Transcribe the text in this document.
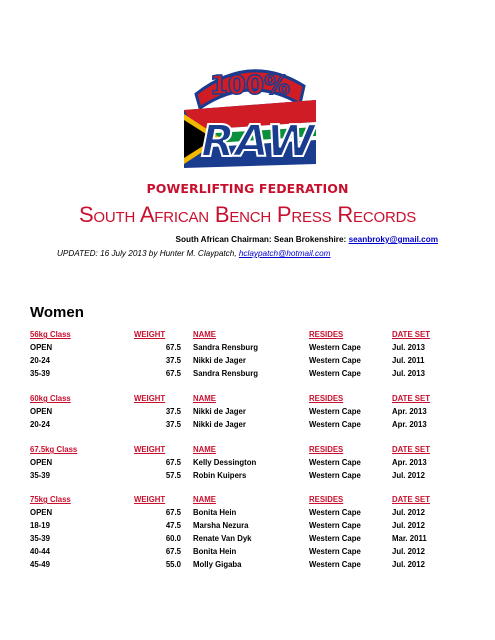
100%
RAW
POWERLIFTING FEDERATION
South African Bench Press Records
South African Chairman: Sean Brokenshire: seanbroky@gmail.com
UPDATED: 16 July 2013 by Hunter M. Claypatch, hclaypatch@hotmail.com
Women
56kg Class	WEIGHT	NAME	RESIDES	DATE SET
OPEN	67.5 Sandra Rensburg	Western Cape	Jul. 2013
20-24	37.5 Nikki de Jager	Western Cape	Jul. 2011
35-39	67.5 Sandra Rensburg	Western Cape	Jul. 2013
60kg Class	WEIGHT	NAME	RESIDES	DATE SET
OPEN	37.5 Nikki de Jager	Western Cape	Apr. 2013
20-24	37.5 Nikki de Jager	Western Cape	Apr. 2013
67.5kg Class	WEIGHT	NAME	RESIDES	DATE SET
OPEN	67.5 Kelly Dessington	Western Cape	Apr. 2013
35-39	57.5 Robin Kuipers	Western Cape	Jul. 2012
75kg Class	WEIGHT	NAME	RESIDES	DATE SET
OPEN	67.5 Bonita Hein	Western Cape	Jul. 2012
18-19	47.5 Marsha Nezura	Western Cape	Jul. 2012
35-39	60.0 Renate Van Dyk	Western Cape	Mar. 2011
40-44	67.5 Bonita Hein	Western Cape	Jul. 2012
45-49	55.0 Molly Gigaba	Western Cape	Jul. 2012
